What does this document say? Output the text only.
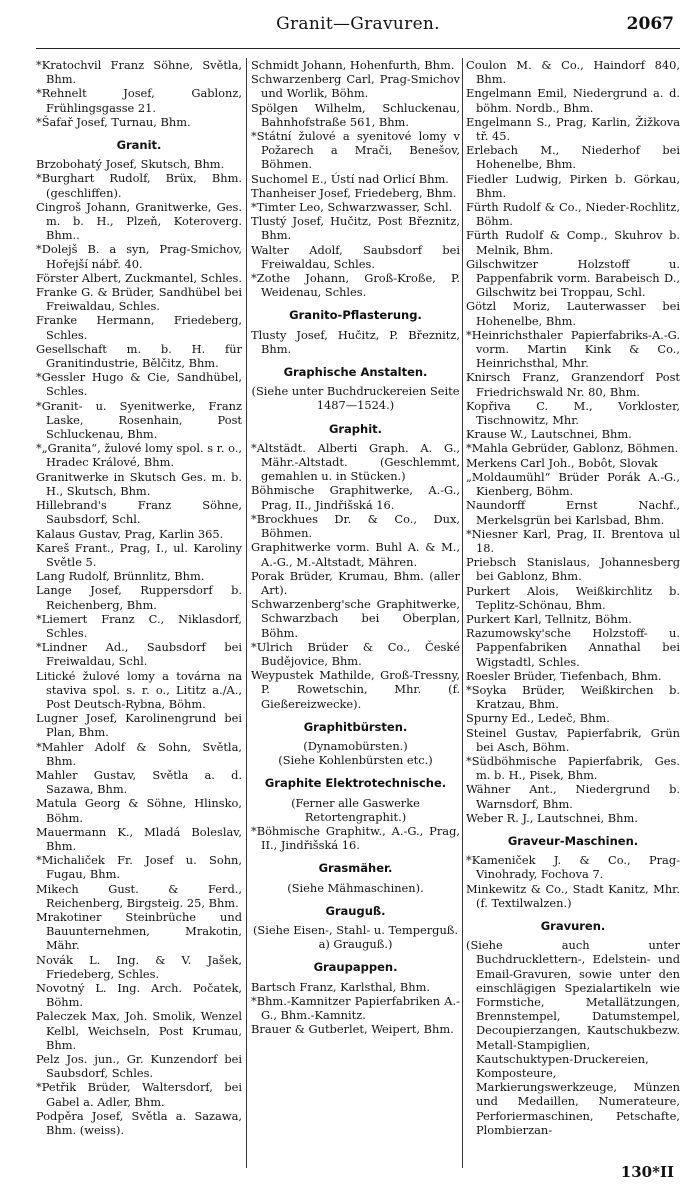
Granit—Gravuren.	2067
*Kratochvil Franz Söhne, Světla, Bhm.
*Rehnelt Josef, Gablonz, Frühlingsgasse 21.
*Šafař Josef, Turnau, Bhm.
Granit.
Brzobohatý Josef, Skutsch, Bhm.
*Burghart Rudolf, Brüx, Bhm. (geschliffen).
Cingroš Johann, Granitwerke, Ges. m. b. H., Plzeň, Koteroverg. Bhm..
*Dolejš B. a syn, Prag-Smichov, Hořejší nábř. 40.
Förster Albert, Zuckmantel, Schles.
Franke G. & Brüder, Sandhübel bei Freiwaldau, Schles.
Franke Hermann, Friedeberg, Schles.
Gesellschaft m. b. H. für Granitindustrie, Bělčitz, Bhm.
*Gessler Hugo & Cie, Sandhübel, Schles.
*Granit- u. Syenitwerke, Franz Laske, Rosenhain, Post Schluckenau, Bhm.
*„Granita“, žulové lomy spol. s r. o., Hradec Králové, Bhm.
Granitwerke in Skutsch Ges. m. b. H., Skutsch, Bhm.
Hillebrand's Franz Söhne, Saubsdorf, Schl.
Kalaus Gustav, Prag, Karlin 365.
Kareš Frant., Prag, I., ul. Karoliny Světle 5.
Lang Rudolf, Brünnlitz, Bhm.
Lange Josef, Ruppersdorf b. Reichenberg, Bhm.
*Liemert Franz C., Niklasdorf, Schles.
*Lindner Ad., Saubsdorf bei Freiwaldau, Schl.
Litické žulové lomy a továrna na staviva spol. s. r. o., Lititz a./A., Post Deutsch-Rybna, Böhm.
Lugner Josef, Karolinengrund bei Plan, Bhm.
*Mahler Adolf & Sohn, Světla, Bhm.
Mahler Gustav, Světla a. d. Sazawa, Bhm.
Matula Georg & Söhne, Hlinsko, Böhm.
Mauermann K., Mladá Boleslav, Bhm.
*Michaliček Fr. Josef u. Sohn, Fugau, Bhm.
Mikech Gust. & Ferd., Reichenberg, Birgsteig. 25, Bhm.
Mrakotiner Steinbrüche und Bauunternehmen, Mrakotin, Mähr.
Novák L. Ing. & V. Jašek, Friedeberg, Schles.
Novotný L. Ing. Arch. Počatek, Böhm.
Paleczek Max, Joh. Smolik, Wenzel Kelbl, Weichseln, Post Krumau, Bhm.
Pelz Jos. jun., Gr. Kunzendorf bei Saubsdorf, Schles.
*Petřik Brüder, Waltersdorf, bei Gabel a. Adler, Bhm.
Podpěra Josef, Světla a. Sazawa, Bhm. (weiss).
Schmidt Johann, Hohenfurth, Bhm.
Schwarzenberg Carl, Prag-Smichov und Worlik, Böhm.
Spölgen Wilhelm, Schluckenau, Bahnhofstraße 561, Bhm.
*Státní žulové a syenitové lomy v Požarech a Mrači, Benešov, Böhmen.
Suchomel E., Ústí nad Orlicí Bhm.
Thanheiser Josef, Friedeberg, Bhm.
*Timter Leo, Schwarzwasser, Schl.
Tlustý Josef, Hučitz, Post Březnitz, Bhm.
Walter Adolf, Saubsdorf bei Freiwaldau, Schles.
*Zothe Johann, Groß-Kroße, P. Weidenau, Schles.
Granito-Pflasterung.
Tlusty Josef, Hučitz, P. Březnitz, Bhm.
Graphische Anstalten.
(Siehe unter Buchdruckereien Seite 1487—1524.)
Graphit.
*Altstädt. Alberti Graph. A. G., Mähr.-Altstadt. (Geschlemmt, gemahlen u. in Stücken.)
Böhmische Graphitwerke, A.-G., Prag, II., Jindřišská 16.
*Brockhues Dr. & Co., Dux, Böhmen.
Graphitwerke vorm. Buhl A. & M., A.-G., M.-Altstadt, Mähren.
Porak Brüder, Krumau, Bhm. (aller Art).
Schwarzenberg'sche Graphitwerke, Schwarzbach bei Oberplan, Böhm.
*Ulrich Brüder & Co., České Budějovice, Bhm.
Weypustek Mathilde, Groß-Tressny, P. Rowetschin, Mhr. (f. Gießereizwecke).
Graphitbürsten.
(Dynamobürsten.)
(Siehe Kohlenbürsten etc.)
Graphite Elektrotechnische.
(Ferner alle Gaswerke Retortengraphit.)
*Böhmische Graphitw., A.-G., Prag, II., Jindřišská 16.
Grasmäher.
(Siehe Mähmaschinen).
Grauguß.
(Siehe Eisen-, Stahl- u. Temperguß. a) Grauguß.)
Graupappen.
Bartsch Franz, Karlsthal, Bhm.
*Bhm.-Kamnitzer Papierfabriken A.-G., Bhm.-Kamnitz.
Brauer & Gutberlet, Weipert, Bhm.
Coulon M. & Co., Haindorf 840, Bhm.
Engelmann Emil, Niedergrund a. d. böhm. Nordb., Bhm.
Engelmann S., Prag, Karlin, Žižkova tř. 45.
Erlebach M., Niederhof bei Hohenelbe, Bhm.
Fiedler Ludwig, Pirken b. Görkau, Bhm.
Fürth Rudolf & Co., Nieder-Rochlitz, Böhm.
Fürth Rudolf & Comp., Skuhrov b. Melnik, Bhm.
Gilschwitzer Holzstoff u. Pappenfabrik vorm. Barabeisch D., Gilschwitz bei Troppau, Schl.
Götzl Moriz, Lauterwasser bei Hohenelbe, Bhm.
*Heinrichsthaler Papierfabriks-A.-G. vorm. Martin Kink & Co., Heinrichsthal, Mhr.
Knirsch Franz, Granzendorf Post Friedrichswald Nr. 80, Bhm.
Kopřiva C. M., Vorkloster, Tischnowitz, Mhr.
Krause W., Lautschnei, Bhm.
*Mahla Gebrüder, Gablonz, Böhmen.
Merkens Carl Joh., Bobôt, Slovak
„Moldaumühl“ Brüder Porák A.-G., Kienberg, Böhm.
Naundorff Ernst Nachf., Merkelsgrün bei Karlsbad, Bhm.
*Niesner Karl, Prag, II. Brentova ul 18.
Priebsch Stanislaus, Johannesberg bei Gablonz, Bhm.
Purkert Alois, Weißkirchlitz b. Teplitz-Schönau, Bhm.
Purkert Karl, Tellnitz, Böhm.
Razumowsky'sche Holzstoff- u. Pappenfabriken Annathal bei Wigstadtl, Schles.
Roesler Brüder, Tiefenbach, Bhm.
*Soyka Brüder, Weißkirchen b. Kratzau, Bhm.
Spurny Ed., Ledeč, Bhm.
Steinel Gustav, Papierfabrik, Grün bei Asch, Böhm.
*Südböhmische Papierfabrik, Ges. m. b. H., Pisek, Bhm.
Wähner Ant., Niedergrund b. Warnsdorf, Bhm.
Weber R. J., Lautschnei, Bhm.
Graveur-Maschinen.
*Kameniček J. & Co., Prag-Vinohrady, Fochova 7.
Minkewitz & Co., Stadt Kanitz, Mhr. (f. Textilwalzen.)
Gravuren.
(Siehe auch unter Buchdrucklettern-, Edelstein- und Email-Gravuren, sowie unter den einschlägigen Spezialartikeln wie Formstiche, Metallätzungen, Brennstempel, Datumstempel, Decoupierzangen, Kautschukbezw. Metall-Stampiglien, Kautschuktypen-Druckereien, Komposteure, Markierungswerkzeuge, Münzen und Medaillen, Numerateure, Perforiermaschinen, Petschafte, Plombierzan-
130*II
